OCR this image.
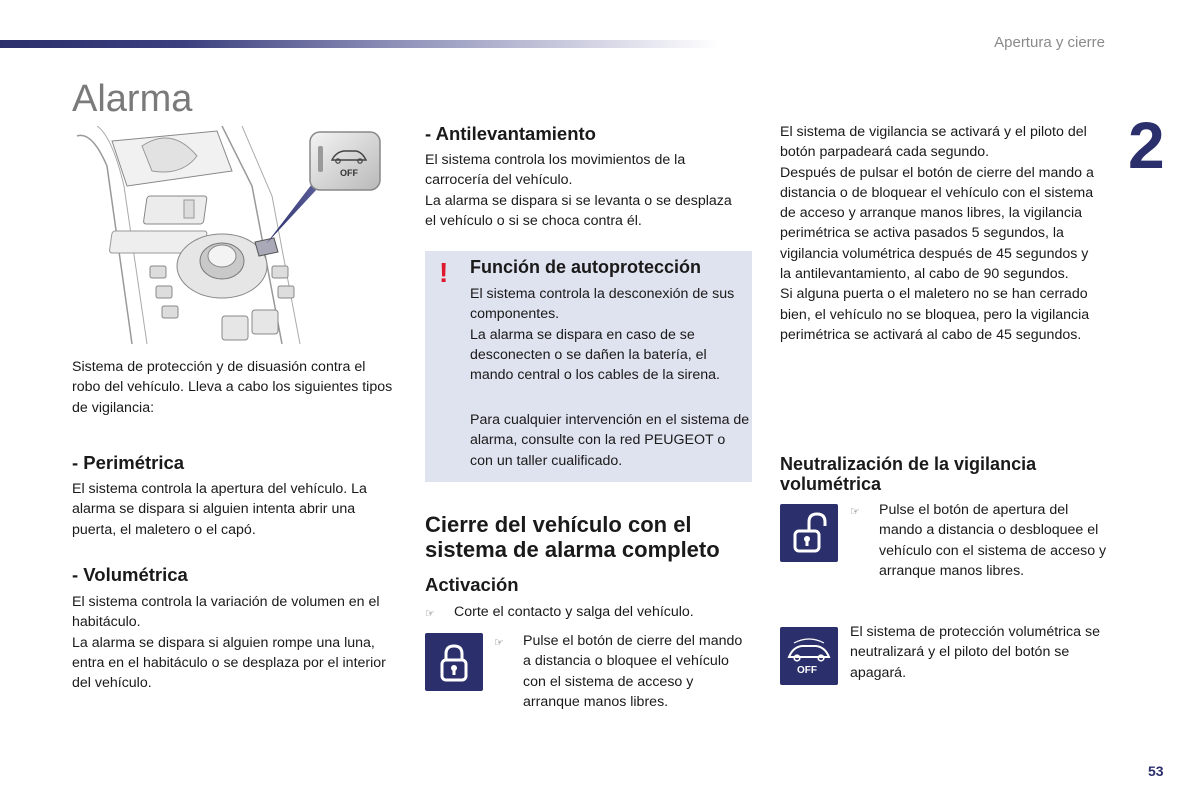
Apertura y cierre
2
Alarma
OFF

Sistema de protección y de disuasión contra el robo del vehículo. Lleva a cabo los siguientes tipos de vigilancia:

- Perimétrica

El sistema controla la apertura del vehículo. La alarma se dispara si alguien intenta abrir una puerta, el maletero o el capó.

- Volumétrica

El sistema controla la variación de volumen en el habitáculo.

La alarma se dispara si alguien rompe una luna, entra en el habitáculo o se desplaza por el interior del vehículo.

- Antilevantamiento

El sistema controla los movimientos de la carrocería del vehículo.

La alarma se dispara si se levanta o se desplaza el vehículo o si se choca contra él.

! Función de autoprotección

El sistema controla la desconexión de sus componentes.

La alarma se dispara en caso de se desconecten o se dañen la batería, el mando central o los cables de la sirena.

Para cualquier intervención en el sistema de alarma, consulte con la red PEUGEOT o con un taller cualificado.

Cierre del vehículo con el
sistema de alarma completo
Activación
☞ Corte el contacto y salga del vehículo.
☞ Pulse el botón de cierre del mando a distancia o bloquee el vehículo con el sistema de acceso y arranque manos libres.

El sistema de vigilancia se activará y el piloto del botón parpadeará cada segundo.

Después de pulsar el botón de cierre del mando a distancia o de bloquear el vehículo con el sistema de acceso y arranque manos libres, la vigilancia perimétrica se activa pasados 5 segundos, la vigilancia volumétrica después de 45 segundos y la antilevantamiento, al cabo de 90 segundos.

Si alguna puerta o el maletero no se han cerrado bien, el vehículo no se bloquea, pero la vigilancia perimétrica se activará al cabo de 45 segundos.

Neutralización de la vigilancia
volumétrica
☞ Pulse el botón de apertura del mando a distancia o desbloquee el vehículo con el sistema de acceso y arranque manos libres.
OFF

El sistema de protección volumétrica se neutralizará y el piloto del botón se apagará.

53
